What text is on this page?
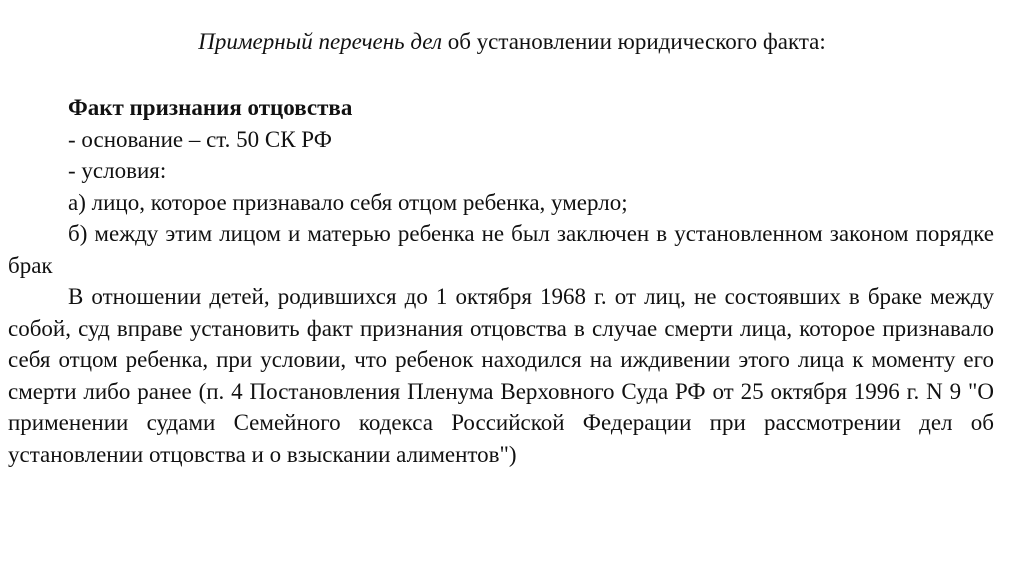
Примерный перечень дел об установлении юридического факта:
Факт признания отцовства
- основание – ст. 50 СК РФ
- условия:
а) лицо, которое признавало себя отцом ребенка, умерло;

б) между этим лицом и матерью ребенка не был заключен в установленном законом порядке брак

В отношении детей, родившихся до 1 октября 1968 г. от лиц, не состоявших в браке между собой, суд вправе установить факт признания отцовства в случае смерти лица, которое признавало себя отцом ребенка, при условии, что ребенок находился на иждивении этого лица к моменту его смерти либо ранее (п. 4 Постановления Пленума Верховного Суда РФ от 25 октября 1996 г. N 9 "О применении судами Семейного кодекса Российской Федерации при рассмотрении дел об установлении отцовства и о взыскании алиментов")
